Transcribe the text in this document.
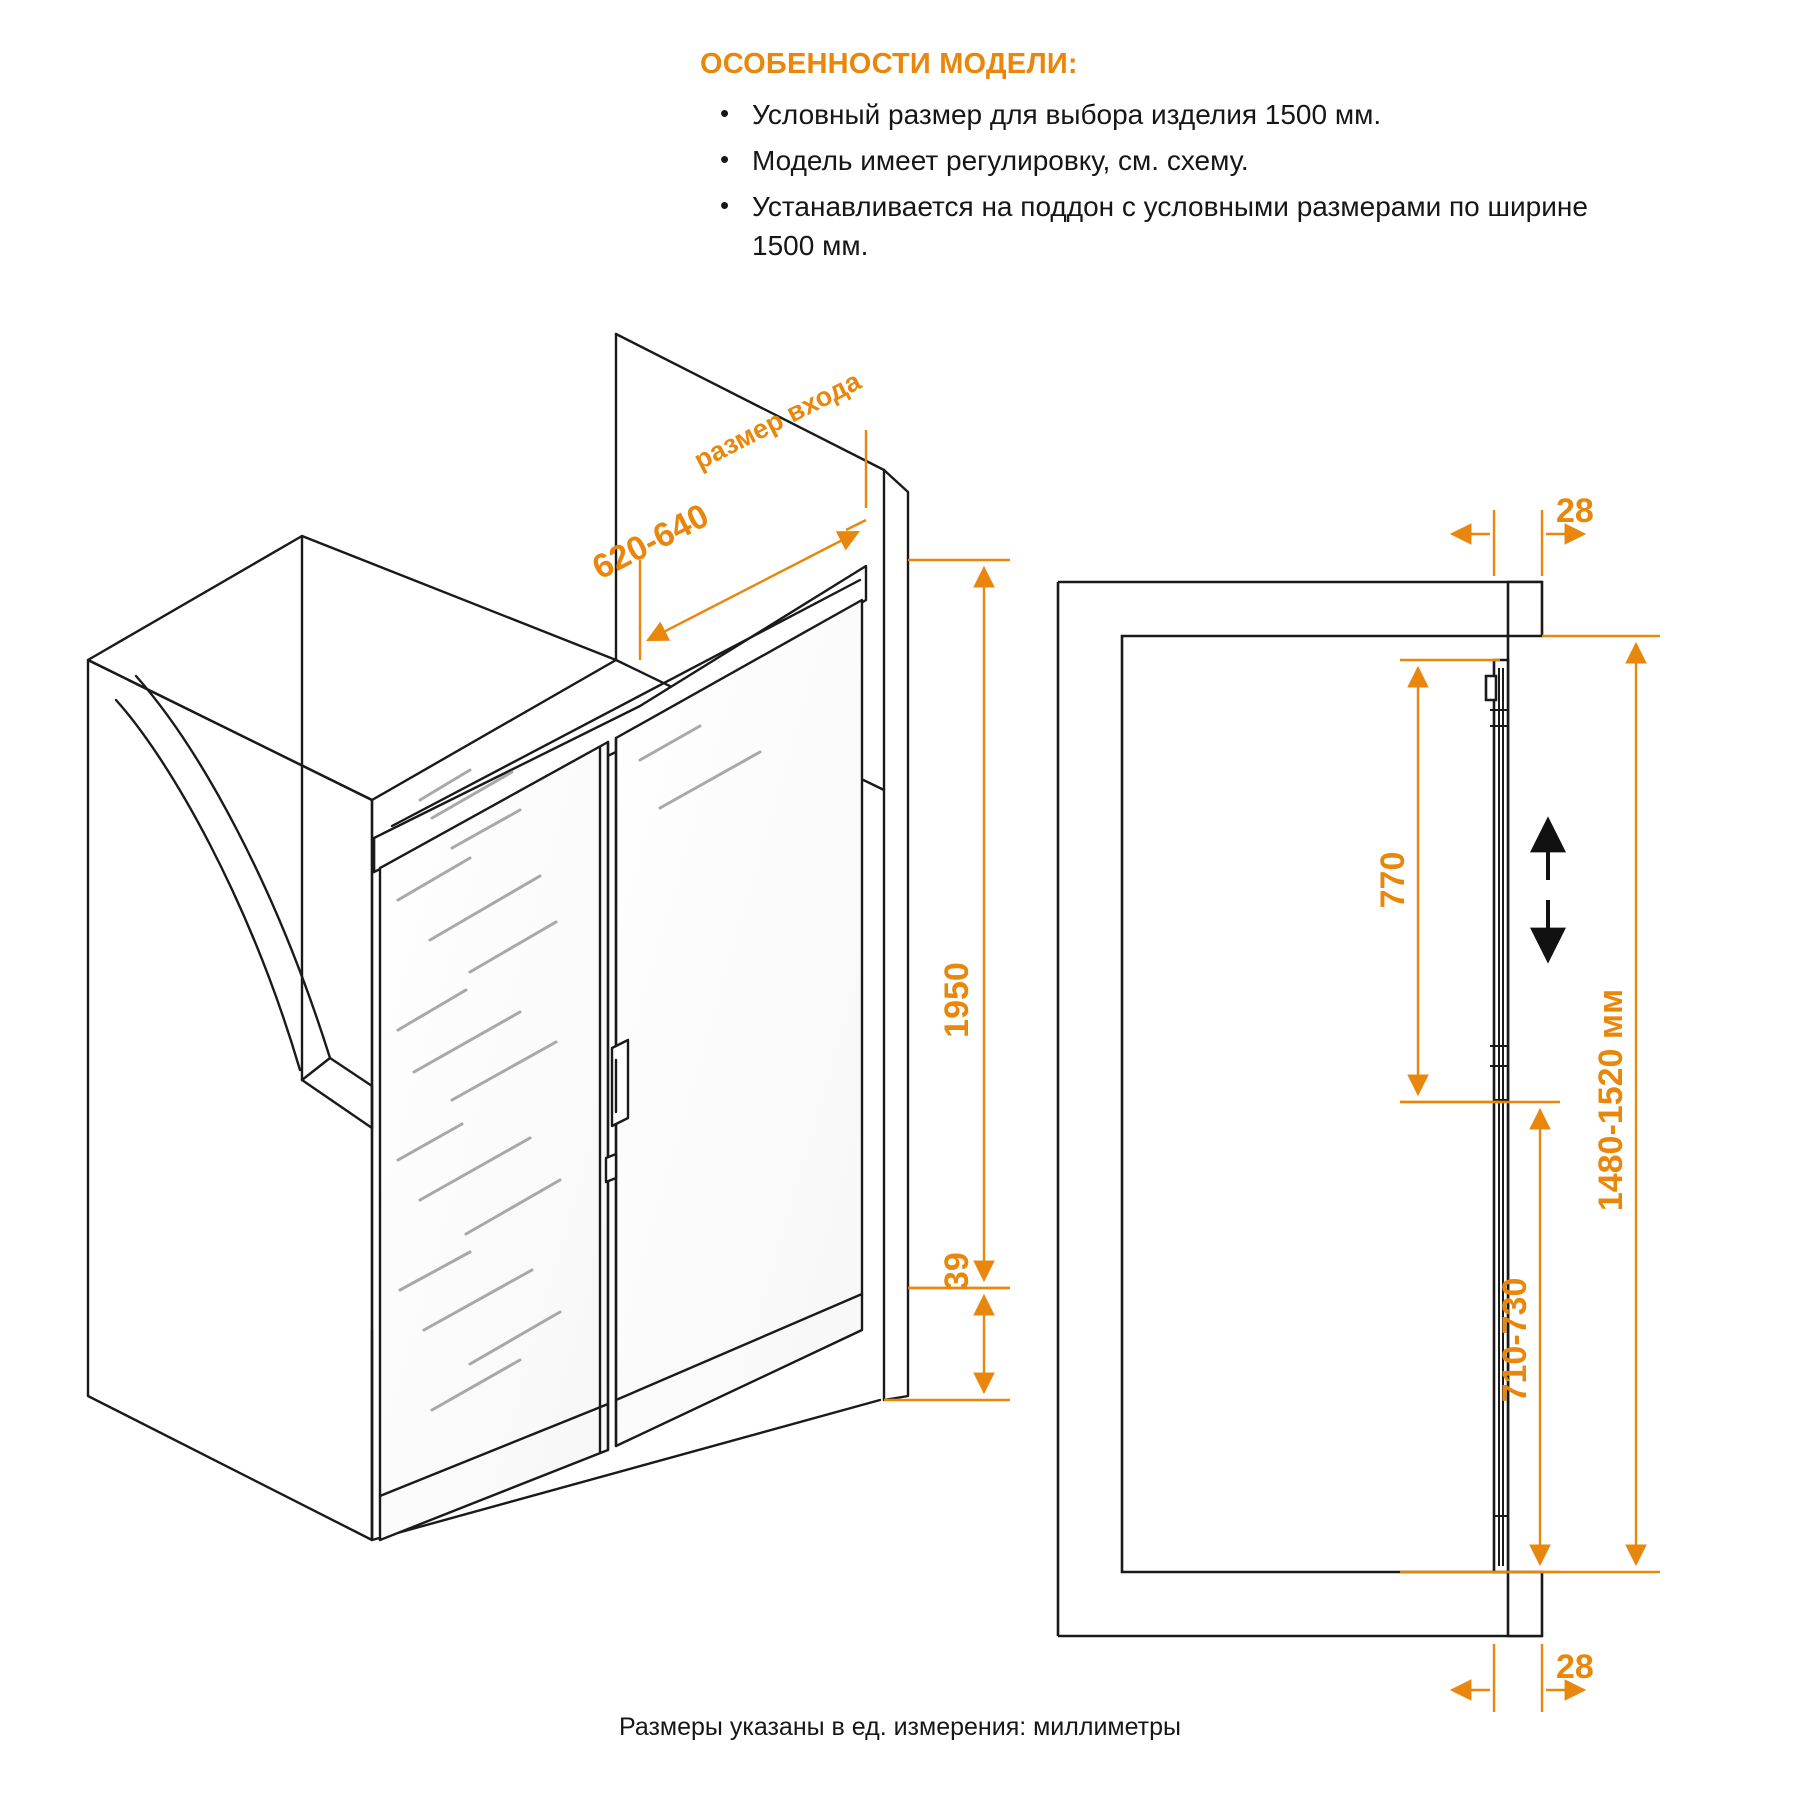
ОСОБЕННОСТИ МОДЕЛИ:
• Условный размер для выбора изделия 1500 мм.
• Модель имеет регулировку, см. схему.
• Устанавливается на поддон с условными размерами по ширине 1500 мм.
размер входа
620-640
1950
39
28
28
770
710-730
1480-1520 мм
Размеры указаны в ед. измерения: миллиметры
